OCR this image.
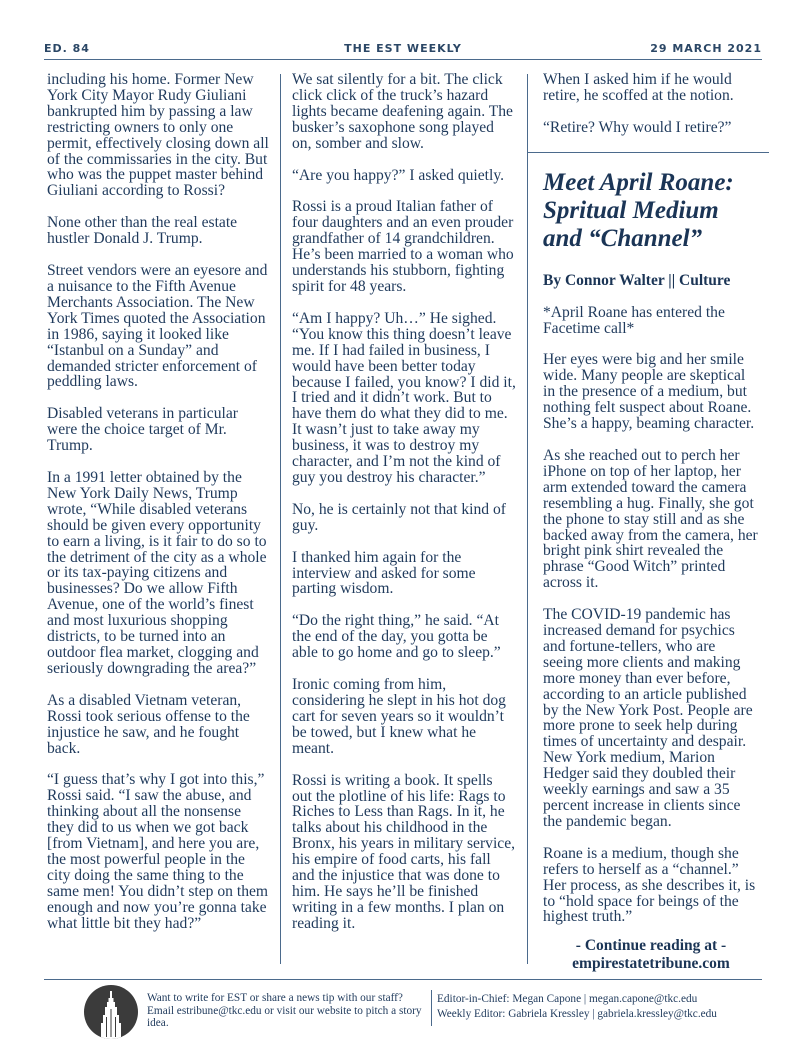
ED. 84	THE EST WEEKLY	29 MARCH 2021

including his home. Former New York City Mayor Rudy Giuliani bankrupted him by passing a law restricting owners to only one permit, effectively closing down all of the commissaries in the city. But who was the puppet master behind Giuliani according to Rossi?

None other than the real estate hustler Donald J. Trump.

Street vendors were an eyesore and a nuisance to the Fifth Avenue Merchants Association. The New York Times quoted the Association in 1986, saying it looked like “Istanbul on a Sunday” and demanded stricter enforcement of peddling laws.

Disabled veterans in particular were the choice target of Mr. Trump.

In a 1991 letter obtained by the New York Daily News, Trump wrote, “While disabled veterans should be given every opportunity to earn a living, is it fair to do so to the detriment of the city as a whole or its tax-paying citizens and businesses? Do we allow Fifth Avenue, one of the world’s finest and most luxurious shopping districts, to be turned into an outdoor flea market, clogging and seriously downgrading the area?”

As a disabled Vietnam veteran, Rossi took serious offense to the injustice he saw, and he fought back.

“I guess that’s why I got into this,” Rossi said. “I saw the abuse, and thinking about all the nonsense they did to us when we got back [from Vietnam], and here you are, the most powerful people in the city doing the same thing to the same men! You didn’t step on them enough and now you’re gonna take what little bit they had?”

We sat silently for a bit. The click click click of the truck’s hazard lights became deafening again. The busker’s saxophone song played on, somber and slow.

“Are you happy?” I asked quietly.

Rossi is a proud Italian father of four daughters and an even prouder grandfather of 14 grandchildren. He’s been married to a woman who understands his stubborn, fighting spirit for 48 years.

“Am I happy? Uh…” He sighed. “You know this thing doesn’t leave me. If I had failed in business, I would have been better today because I failed, you know? I did it, I tried and it didn’t work. But to have them do what they did to me. It wasn’t just to take away my business, it was to destroy my character, and I’m not the kind of guy you destroy his character.”

No, he is certainly not that kind of guy.

I thanked him again for the interview and asked for some parting wisdom.

“Do the right thing,” he said. “At the end of the day, you gotta be able to go home and go to sleep.”

Ironic coming from him, considering he slept in his hot dog cart for seven years so it wouldn’t be towed, but I knew what he meant.

Rossi is writing a book. It spells out the plotline of his life: Rags to Riches to Less than Rags. In it, he talks about his childhood in the Bronx, his years in military service, his empire of food carts, his fall and the injustice that was done to him. He says he’ll be finished writing in a few months. I plan on reading it.

When I asked him if he would retire, he scoffed at the notion.

“Retire? Why would I retire?”

Meet April Roane: Spritual Medium and “Channel”
By Connor Walter || Culture

*April Roane has entered the Facetime call*

Her eyes were big and her smile wide. Many people are skeptical in the presence of a medium, but nothing felt suspect about Roane. She’s a happy, beaming character.

As she reached out to perch her iPhone on top of her laptop, her arm extended toward the camera resembling a hug. Finally, she got the phone to stay still and as she backed away from the camera, her bright pink shirt revealed the phrase “Good Witch” printed across it.

The COVID-19 pandemic has increased demand for psychics and fortune-tellers, who are seeing more clients and making more money than ever before, according to an article published by the New York Post. People are more prone to seek help during times of uncertainty and despair. New York medium, Marion Hedger said they doubled their weekly earnings and saw a 35 percent increase in clients since the pandemic began.

Roane is a medium, though she refers to herself as a “channel.” Her process, as she describes it, is to “hold space for beings of the highest truth.”

- Continue reading at -
empirestatetribune.com
Want to write for EST or share a news tip with our staff? Email estribune@tkc.edu or visit our website to pitch a story idea.
Editor-in-Chief: Megan Capone | megan.capone@tkc.edu
Weekly Editor: Gabriela Kressley | gabriela.kressley@tkc.edu
